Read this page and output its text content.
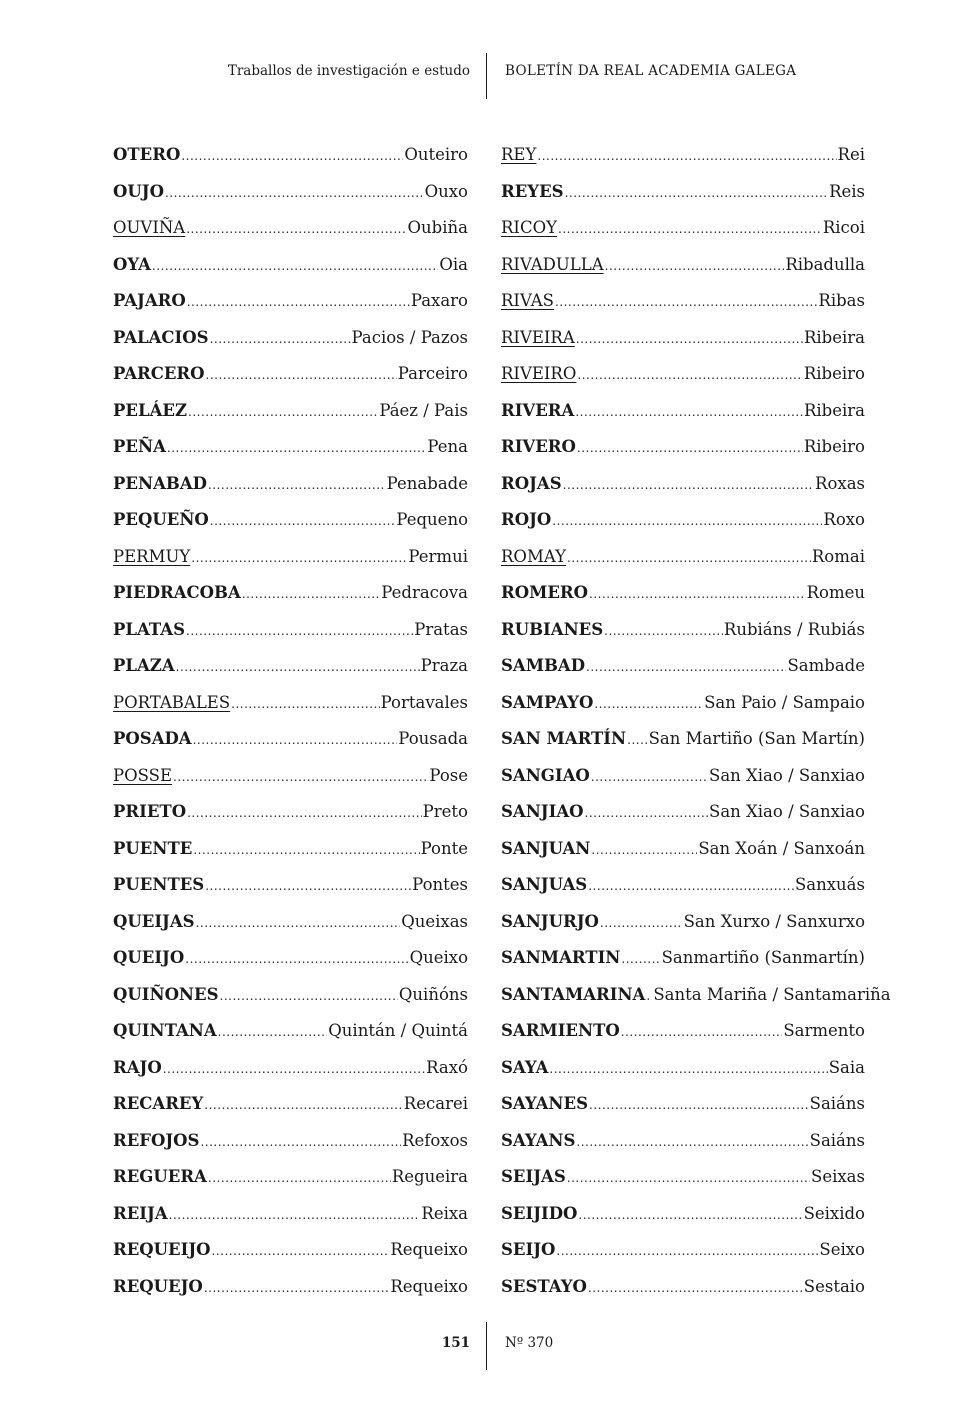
Traballos de investigación e estudo	BOLETÍN DA REAL ACADEMIA GALEGA
OTERO .....	Outeiro
OUJO .....	Ouxo
OUVIÑA .....	Oubiña
OYA .....	Oia
PAJARO .....	Paxaro
PALACIOS .....	Pacios / Pazos
PARCERO .....	Parceiro
PELÁEZ .....	Páez / Pais
PEÑA .....	Pena
PENABAD .....	Penabade
PEQUEÑO .....	Pequeno
PERMUY .....	Permui
PIEDRACOBA .....	Pedracova
PLATAS .....	Pratas
PLAZA .....	Praza
PORTABALES .....	Portavales
POSADA .....	Pousada
POSSE .....	Pose
PRIETO .....	Preto
PUENTE .....	Ponte
PUENTES .....	Pontes
QUEIJAS .....	Queixas
QUEIJO .....	Queixo
QUIÑONES .....	Quiñóns
QUINTANA .....	Quintán / Quintá
RAJO .....	Raxó
RECAREY .....	Recarei
REFOJOS .....	Refoxos
REGUERA .....	Regueira
REIJA .....	Reixa
REQUEIJO .....	Requeixo
REQUEJO .....	Requeixo
REY .....	Rei
REYES .....	Reis
RICOY .....	Ricoi
RIVADULLA .....	Ribadulla
RIVAS .....	Ribas
RIVEIRA .....	Ribeira
RIVEIRO .....	Ribeiro
RIVERA .....	Ribeira
RIVERO .....	Ribeiro
ROJAS .....	Roxas
ROJO .....	Roxo
ROMAY .....	Romai
ROMERO .....	Romeu
RUBIANES .....	Rubiáns / Rubiás
SAMBAD .....	Sambade
SAMPAYO .....	San Paio / Sampaio
SAN MARTÍN ..... San Martiño (San Martín)
SANGIAO .....	San Xiao / Sanxiao
SANJIAO .....	San Xiao / Sanxiao
SANJUAN .....	San Xoán / Sanxoán
SANJUAS .....	Sanxuás
SANJURJO .....	San Xurxo / Sanxurxo
SANMARTIN ..... Sanmartiño (Sanmartín)
SANTAMARINA ..... Santa Mariña / Santamariña
SARMIENTO .....	Sarmento
SAYA .....	Saia
SAYANES .....	Saiáns
SAYANS .....	Saiáns
SEIJAS .....	Seixas
SEIJIDO .....	Seixido
SEIJO .....	Seixo
SESTAYO .....	Sestaio
151	Nº 370
